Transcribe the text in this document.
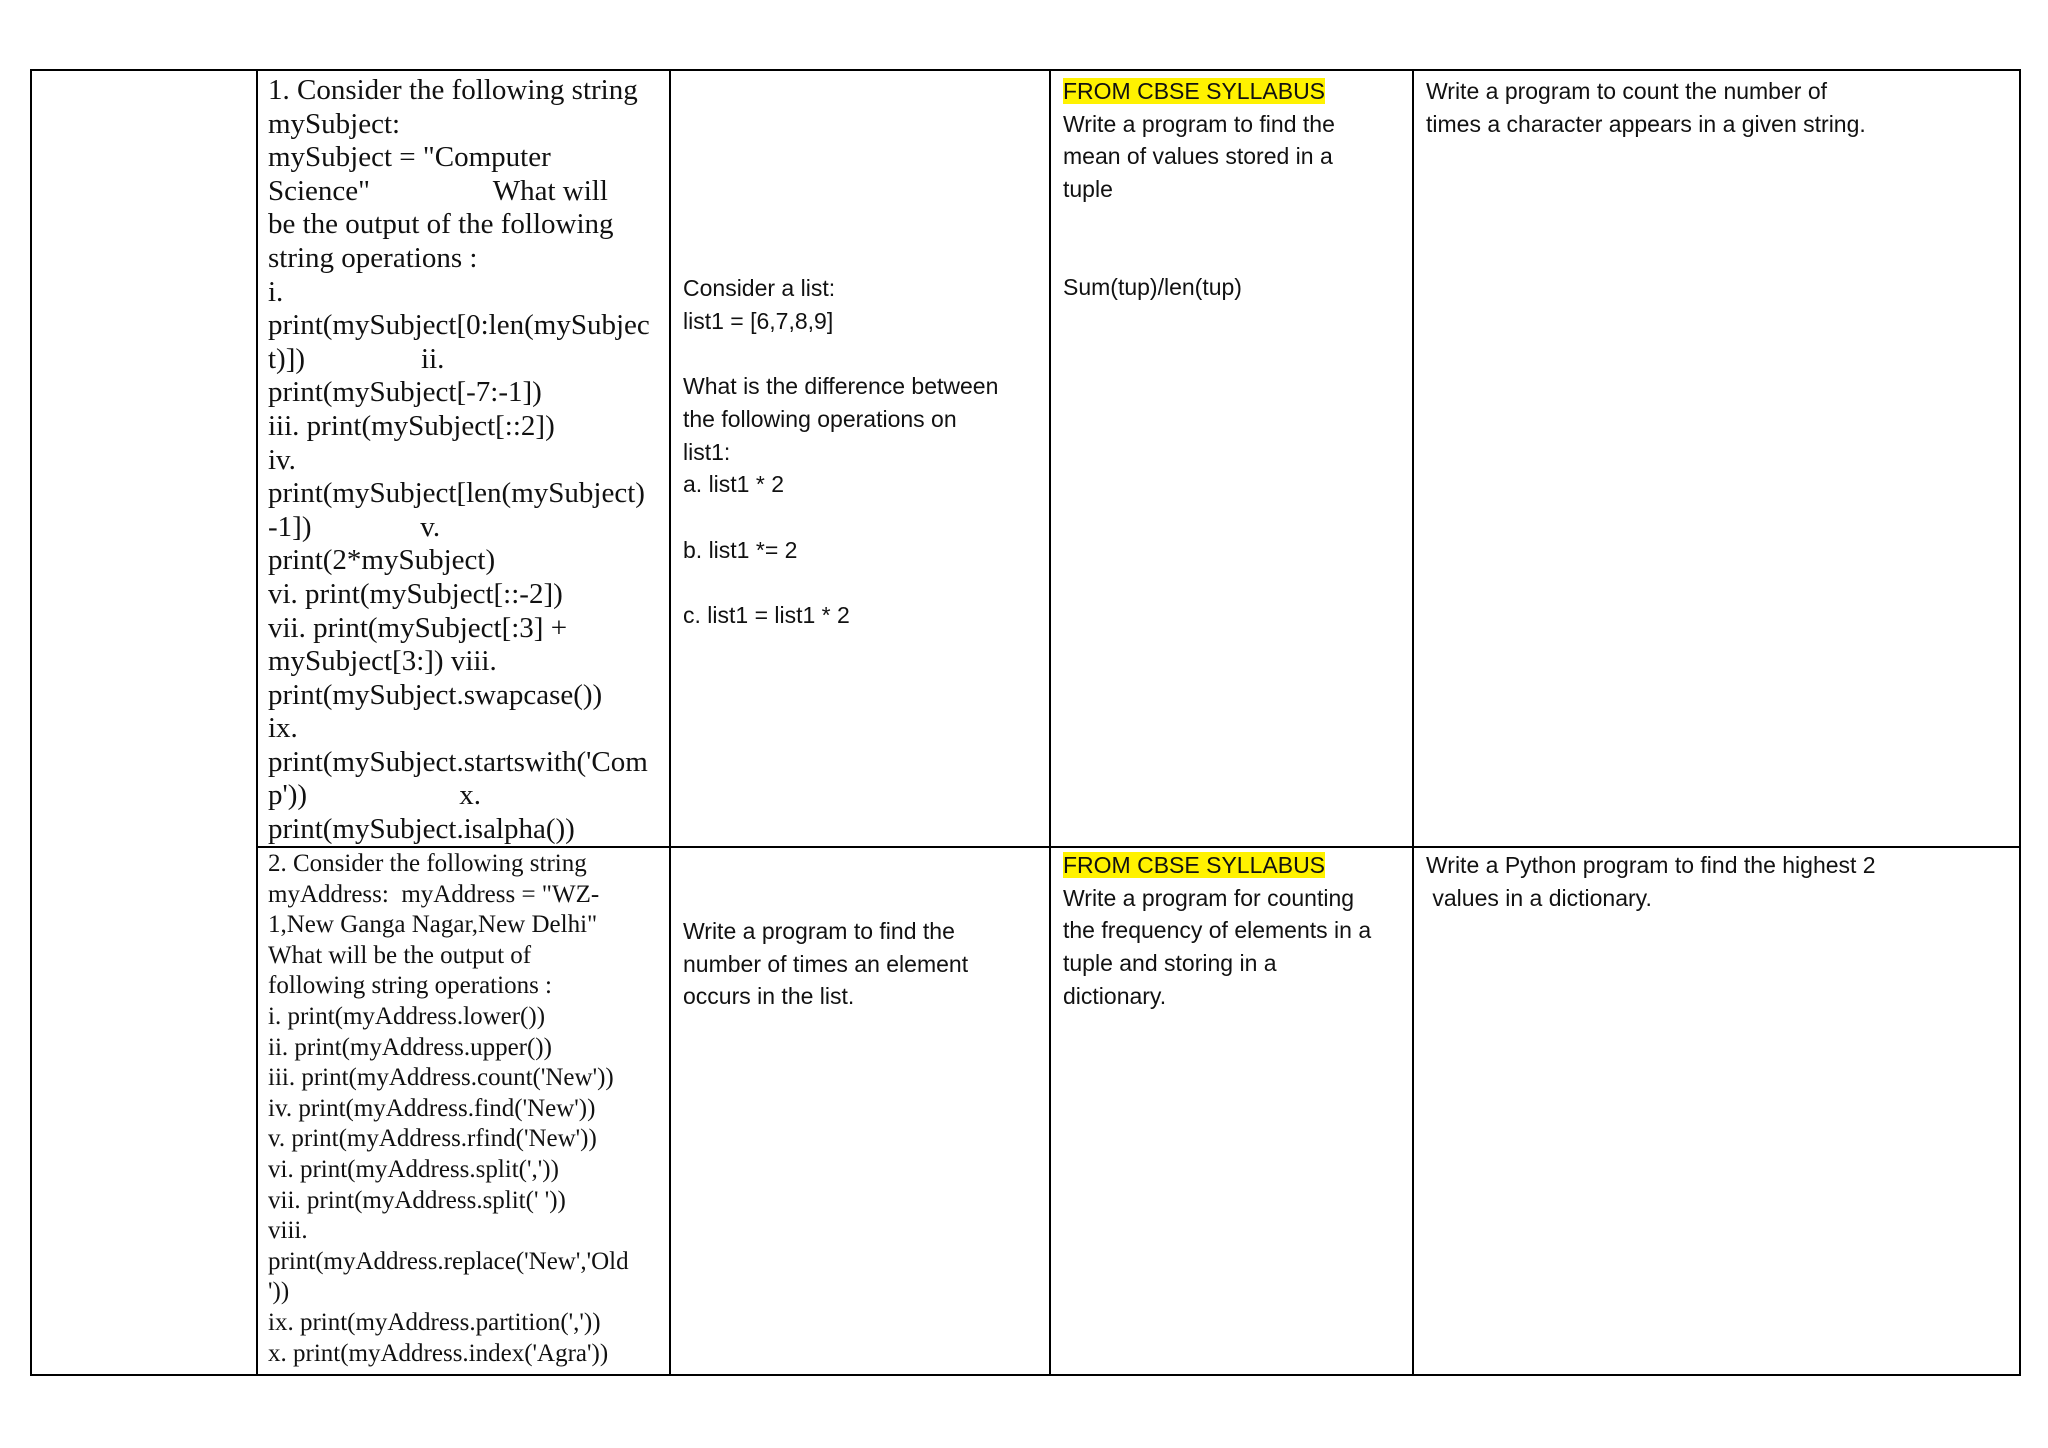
1. Consider the following string
mySubject:
mySubject = "Computer
Science"                 What will
be the output of the following
string operations :
i.
print(mySubject[0:len(mySubjec
t)])                ii.
print(mySubject[-7:-1])
iii. print(mySubject[::2])
iv.
print(mySubject[len(mySubject)
-1])               v.
print(2*mySubject)
vi. print(mySubject[::-2])
vii. print(mySubject[:3] +
mySubject[3:]) viii.
print(mySubject.swapcase())
ix.
print(mySubject.startswith('Com
p'))                     x.
print(mySubject.isalpha())
Consider a list:
list1 = [6,7,8,9]
What is the difference between
the following operations on
list1:
a. list1 * 2
b. list1 *= 2
c. list1 = list1 * 2
FROM CBSE SYLLABUS
Write a program to find the
mean of values stored in a
tuple
Sum(tup)/len(tup)
Write a program to count the number of
times a character appears in a given string.
2. Consider the following string
myAddress:  myAddress = "WZ-
1,New Ganga Nagar,New Delhi"
What will be the output of
following string operations :
i. print(myAddress.lower())
ii. print(myAddress.upper())
iii. print(myAddress.count('New'))
iv. print(myAddress.find('New'))
v. print(myAddress.rfind('New'))
vi. print(myAddress.split(','))
vii. print(myAddress.split(' '))
viii.
print(myAddress.replace('New','Old
'))
ix. print(myAddress.partition(','))
x. print(myAddress.index('Agra'))
Write a program to find the
number of times an element
occurs in the list.
FROM CBSE SYLLABUS
Write a program for counting
the frequency of elements in a
tuple and storing in a
dictionary.
Write a Python program to find the highest 2
values in a dictionary.
